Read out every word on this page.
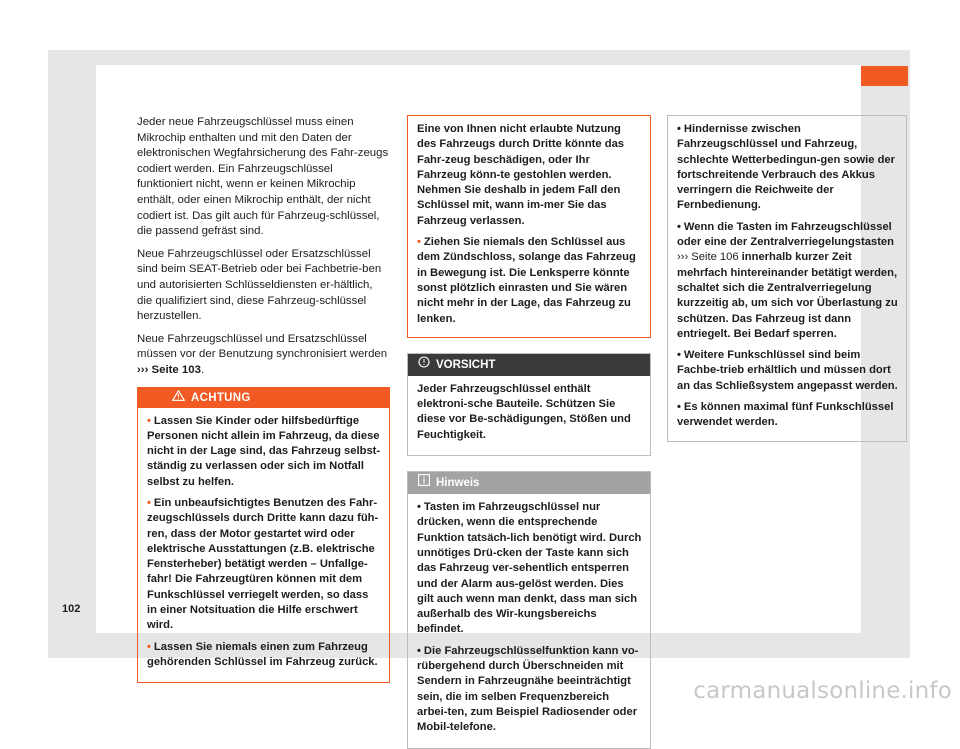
Jeder neue Fahrzeugschlüssel muss einen Mikrochip enthalten und mit den Daten der elektronischen Wegfahrsicherung des Fahr-zeugs codiert werden. Ein Fahrzeugschlüssel funktioniert nicht, wenn er keinen Mikrochip enthält, oder einen Mikrochip enthält, der nicht codiert ist. Das gilt auch für Fahrzeug-schlüssel, die passend gefräst sind.

Neue Fahrzeugschlüssel oder Ersatzschlüssel sind beim SEAT-Betrieb oder bei Fachbetrie-ben und autorisierten Schlüsseldiensten er-hältlich, die qualifiziert sind, diese Fahrzeug-schlüssel herzustellen.

Neue Fahrzeugschlüssel und Ersatzschlüssel müssen vor der Benutzung synchronisiert werden ››› Seite 103.

ACHTUNG

• Lassen Sie Kinder oder hilfsbedürftige Personen nicht allein im Fahrzeug, da diese nicht in der Lage sind, das Fahrzeug selbst-ständig zu verlassen oder sich im Notfall selbst zu helfen.

• Ein unbeaufsichtigtes Benutzen des Fahr-zeugschlüssels durch Dritte kann dazu füh-ren, dass der Motor gestartet wird oder elektrische Ausstattungen (z.B. elektrische Fensterheber) betätigt werden – Unfallge-fahr! Die Fahrzeugtüren können mit dem Funkschlüssel verriegelt werden, so dass in einer Notsituation die Hilfe erschwert wird.

• Lassen Sie niemals einen zum Fahrzeug gehörenden Schlüssel im Fahrzeug zurück.

Eine von Ihnen nicht erlaubte Nutzung des Fahrzeugs durch Dritte könnte das Fahr-zeug beschädigen, oder Ihr Fahrzeug könn-te gestohlen werden. Nehmen Sie deshalb in jedem Fall den Schlüssel mit, wann im-mer Sie das Fahrzeug verlassen.

• Ziehen Sie niemals den Schlüssel aus dem Zündschloss, solange das Fahrzeug in Bewegung ist. Die Lenksperre könnte sonst plötzlich einrasten und Sie wären nicht mehr in der Lage, das Fahrzeug zu lenken.

VORSICHT

Jeder Fahrzeugschlüssel enthält elektroni-sche Bauteile. Schützen Sie diese vor Be-schädigungen, Stößen und Feuchtigkeit.

Hinweis

• Tasten im Fahrzeugschlüssel nur drücken, wenn die entsprechende Funktion tatsäch-lich benötigt wird. Durch unnötiges Drü-cken der Taste kann sich das Fahrzeug ver-sehentlich entsperren und der Alarm aus-gelöst werden. Dies gilt auch wenn man denkt, dass man sich außerhalb des Wir-kungsbereichs befindet.

• Die Fahrzeugschlüsselfunktion kann vo-rübergehend durch Überschneiden mit Sendern in Fahrzeugnähe beeinträchtigt sein, die im selben Frequenzbereich arbei-ten, zum Beispiel Radiosender oder Mobil-telefone.

• Hindernisse zwischen Fahrzeugschlüssel und Fahrzeug, schlechte Wetterbedingun-gen sowie der fortschreitende Verbrauch des Akkus verringern die Reichweite der Fernbedienung.

• Wenn die Tasten im Fahrzeugschlüssel oder eine der Zentralverriegelungstasten ››› Seite 106 innerhalb kurzer Zeit mehrfach hintereinander betätigt werden, schaltet sich die Zentralverriegelung kurzzeitig ab, um sich vor Überlastung zu schützen. Das Fahrzeug ist dann entriegelt. Bei Bedarf sperren.

• Weitere Funkschlüssel sind beim Fachbe-trieb erhältlich und müssen dort an das Schließsystem angepasst werden.

• Es können maximal fünf Funkschlüssel verwendet werden.

102
carmanualsonline.info
